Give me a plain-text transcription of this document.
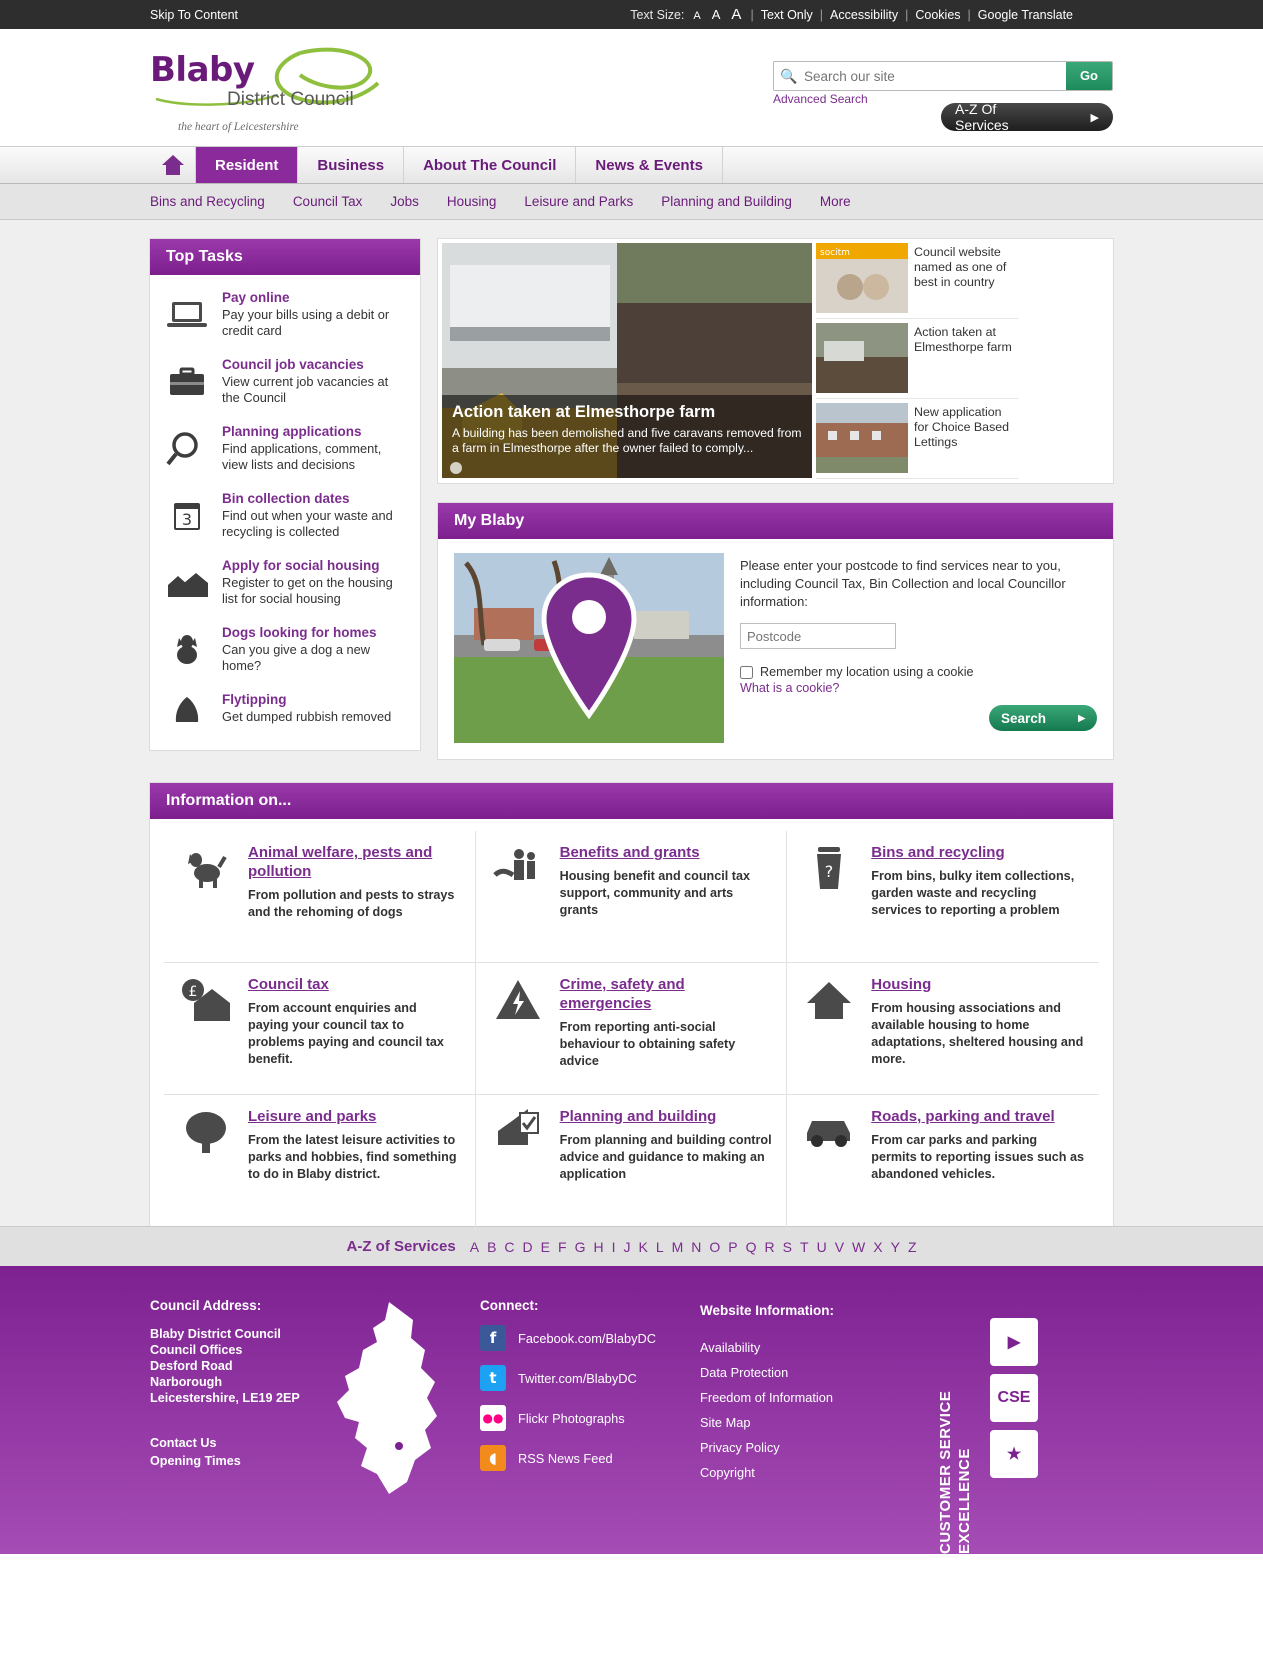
Skip To Content	Text Size: A A A | Text Only | Accessibility | Cookies | Google Translate
Blaby
District Council
the heart of Leicestershire
🔍
Search our site	Go
Advanced Search
A-Z Of Services	▶
Resident	Business	About The Council	News & Events
Bins and Recycling Council Tax Jobs Housing Leisure and Parks Planning and Building More
Top Tasks
Pay online
Pay your bills using a debit or credit card
Council job vacancies
View current job vacancies at the Council
Planning applications
Find applications, comment, view lists and decisions
3
Bin collection dates
Find out when your waste and recycling is collected
Apply for social housing
Register to get on the housing list for social housing
Dogs looking for homes
Can you give a dog a new home?
Flytipping
Get dumped rubbish removed
Action taken at Elmesthorpe farm

A building has been demolished and five caravans removed from a farm in Elmesthorpe after the owner failed to comply...

socitm	Council website named as one of best in country
Action taken at Elmesthorpe farm
New application for Choice Based Lettings
My Blaby

Please enter your postcode to find services near to you, including Council Tax, Bin Collection and local Councillor information:

Postcode
Remember my location using a cookie
What is a cookie?
Search ▸
Information on...
Animal welfare, pests and pollution
From pollution and pests to strays and the rehoming of dogs
Benefits and grants
Housing benefit and council tax support, community and arts grants
?
Bins and recycling
From bins, bulky item collections, garden waste and recycling services to reporting a problem
£	Council tax
From account enquiries and paying your council tax to problems paying and council tax benefit.
Crime, safety and emergencies
From reporting anti-social behaviour to obtaining safety advice
Housing
From housing associations and available housing to home adaptations, sheltered housing and more.
Leisure and parks
From the latest leisure activities to parks and hobbies, find something to do in Blaby district.
Planning and building
From planning and building control advice and guidance to making an application
Roads, parking and travel
From car parks and parking permits to reporting issues such as abandoned vehicles.
A-Z of Services A B C D E F G H I J K L M N O P Q R S T U V W X Y Z
Council Address:
Blaby District Council
Council Offices
Desford Road
Narborough
Leicestershire, LE19 2EP
Contact Us
Opening Times
Connect:
f	Facebook.com/BlabyDC
t	Twitter.com/BlabyDC
●● Flickr Photographs
◖	RSS News Feed
Website Information:
Availability
Data Protection
Freedom of Information
Site Map
Privacy Policy
Copyright	CUSTOMER SERVICE EXCELLENCE
▶
CSE
★
